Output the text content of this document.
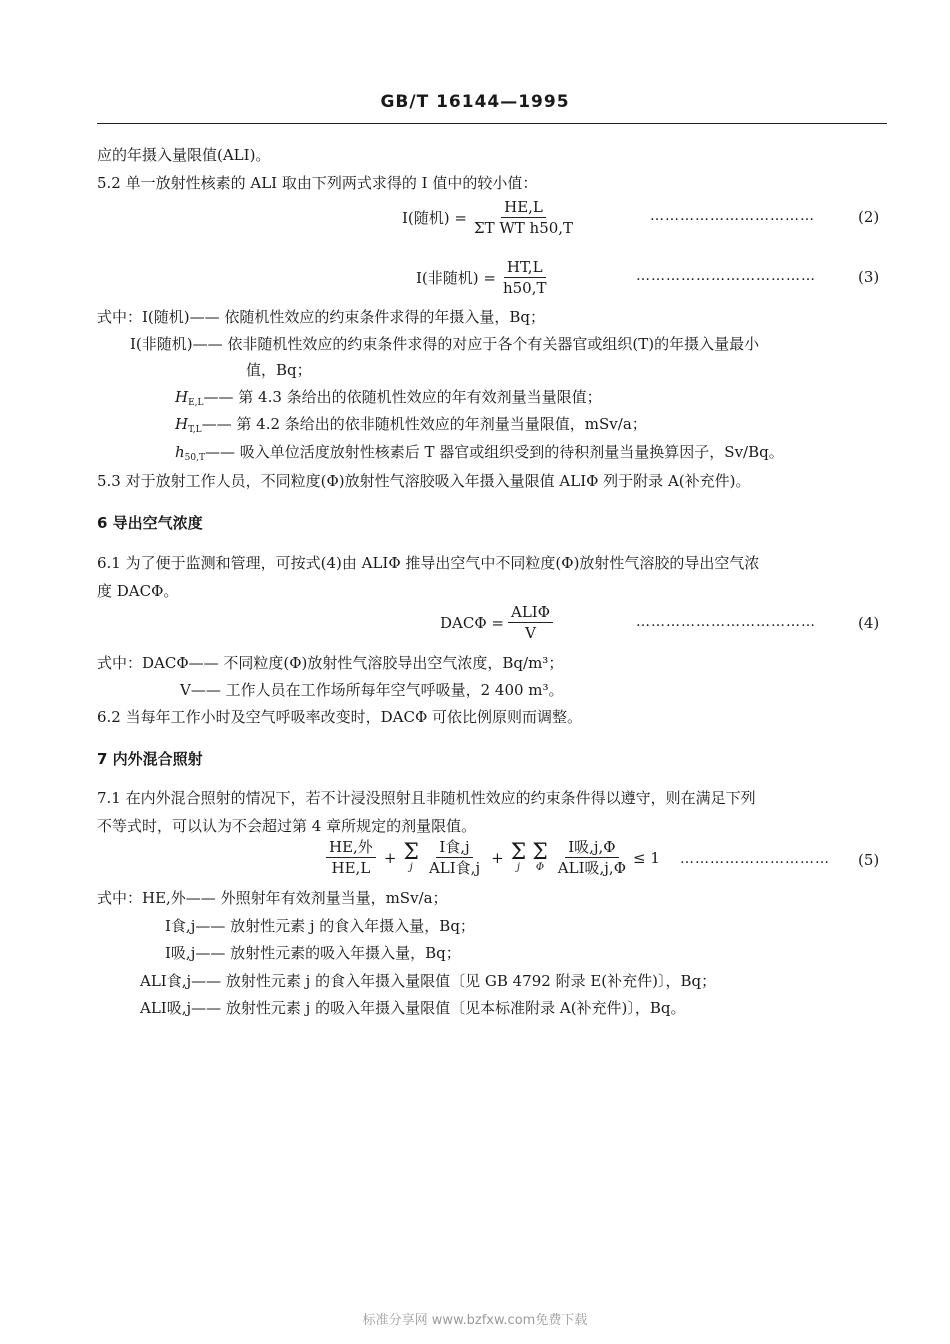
GB/T 16144—1995
应的年摄入量限值(ALI)。
5.2 单一放射性核素的 ALI 取由下列两式求得的 I 值中的较小值：
I(随机) = $\frac{HE,L}{\text{ΣT WT h50,T}}$	……………………………	(2)
I(非随机) = $\frac{HT,L}{h50,T}$	………………………………	(3)
式中：I(随机)—— 依随机性效应的约束条件求得的年摄入量，Bq；
I(非随机)—— 依非随机性效应的约束条件求得的对应于各个有关器官或组织(T)的年摄入量最小
值，Bq；
$H_{E,L}——$ 第 4.3 条给出的依随机性效应的年有效剂量当量限值；
$H_{T,L}——$ 第 4.2 条给出的依非随机性效应的年剂量当量限值，mSv/a；
$h_{50,T}——$ 吸入单位活度放射性核素后 T 器官或组织受到的待积剂量当量换算因子，Sv/Bq。
5.3 对于放射工作人员，不同粒度(Φ)放射性气溶胶吸入年摄入量限值 ALIΦ 列于附录 A(补充件)。
6 导出空气浓度
6.1 为了便于监测和管理，可按式(4)由 ALIΦ 推导出空气中不同粒度(Φ)放射性气溶胶的导出空气浓
度 DACΦ。
$DAC\Phi = \frac{\text{ALIΦ}}{V}$	………………………………	(4)
式中：DACΦ—— 不同粒度(Φ)放射性气溶胶导出空气浓度，Bq/m³；
V—— 工作人员在工作场所每年空气呼吸量，2 400 m³。
6.2 当每年工作小时及空气呼吸率改变时，DACΦ 可依比例原则而调整。
7 内外混合照射
7.1 在内外混合照射的情况下，若不计浸没照射且非随机性效应的约束条件得以遵守，则在满足下列
不等式时，可以认为不会超过第 4 章所规定的剂量限值。
$\frac{\text{HE,外}}{HE,L} + \Sigma$
j $\frac{\text{I食,j}}{\text{ALI食,j}} + \Sigma$
j
Σ
Φ $\frac{\text{I吸,j,Φ}}{\text{ALI吸,j,Φ}} \le 1$ ………………………… (5)
式中：HE,外—— 外照射年有效剂量当量，mSv/a；
I食,j—— 放射性元素 j 的食入年摄入量，Bq；
I吸,j—— 放射性元素的吸入年摄入量，Bq；
ALI食,j—— 放射性元素 j 的食入年摄入量限值〔见 GB 4792 附录 E(补充件)〕，Bq；
ALI吸,j—— 放射性元素 j 的吸入年摄入量限值〔见本标准附录 A(补充件)〕，Bq。
标准分享网 www.bzfxw.com免费下载
